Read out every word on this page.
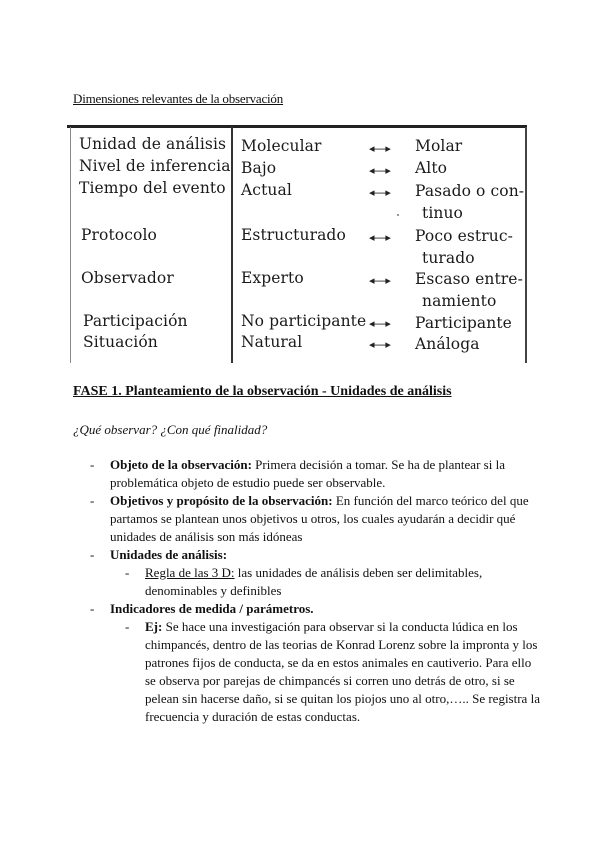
Dimensiones relevantes de la observación
Unidad de análisis Molecular	◂----▸ Molar
Nivel de inferencia Bajo	◂----▸ Alto
Tiempo del evento Actual	◂----▸ Pasado o con-
tinuo
Protocolo	Estructurado ◂----▸ Poco estruc-
turado
Observador	Experto	◂----▸ Escaso entre-
namiento
Participación	No participante ◂----▸ Participante
Situación	Natural	◂----▸ Análoga
FASE 1. Planteamiento de la observación - Unidades de análisis
¿Qué observar? ¿Con qué finalidad?
- Objeto de la observación: Primera decisión a tomar. Se ha de plantear si la problemática objeto de estudio puede ser observable.
- Objetivos y propósito de la observación: En función del marco teórico del que partamos se plantean unos objetivos u otros, los cuales ayudarán a decidir qué unidades de análisis son más idóneas
- Unidades de análisis:
- Regla de las 3 D: las unidades de análisis deben ser delimitables, denominables y definibles
- Indicadores de medida / parámetros.
- Ej: Se hace una investigación para observar si la conducta lúdica en los chimpancés, dentro de las teorias de Konrad Lorenz sobre la impronta y los patrones fijos de conducta, se da en estos animales en cautiverio. Para ello se observa por parejas de chimpancés si corren uno detrás de otro, si se pelean sin hacerse daño, si se quitan los piojos uno al otro,….. Se registra la frecuencia y duración de estas conductas.
